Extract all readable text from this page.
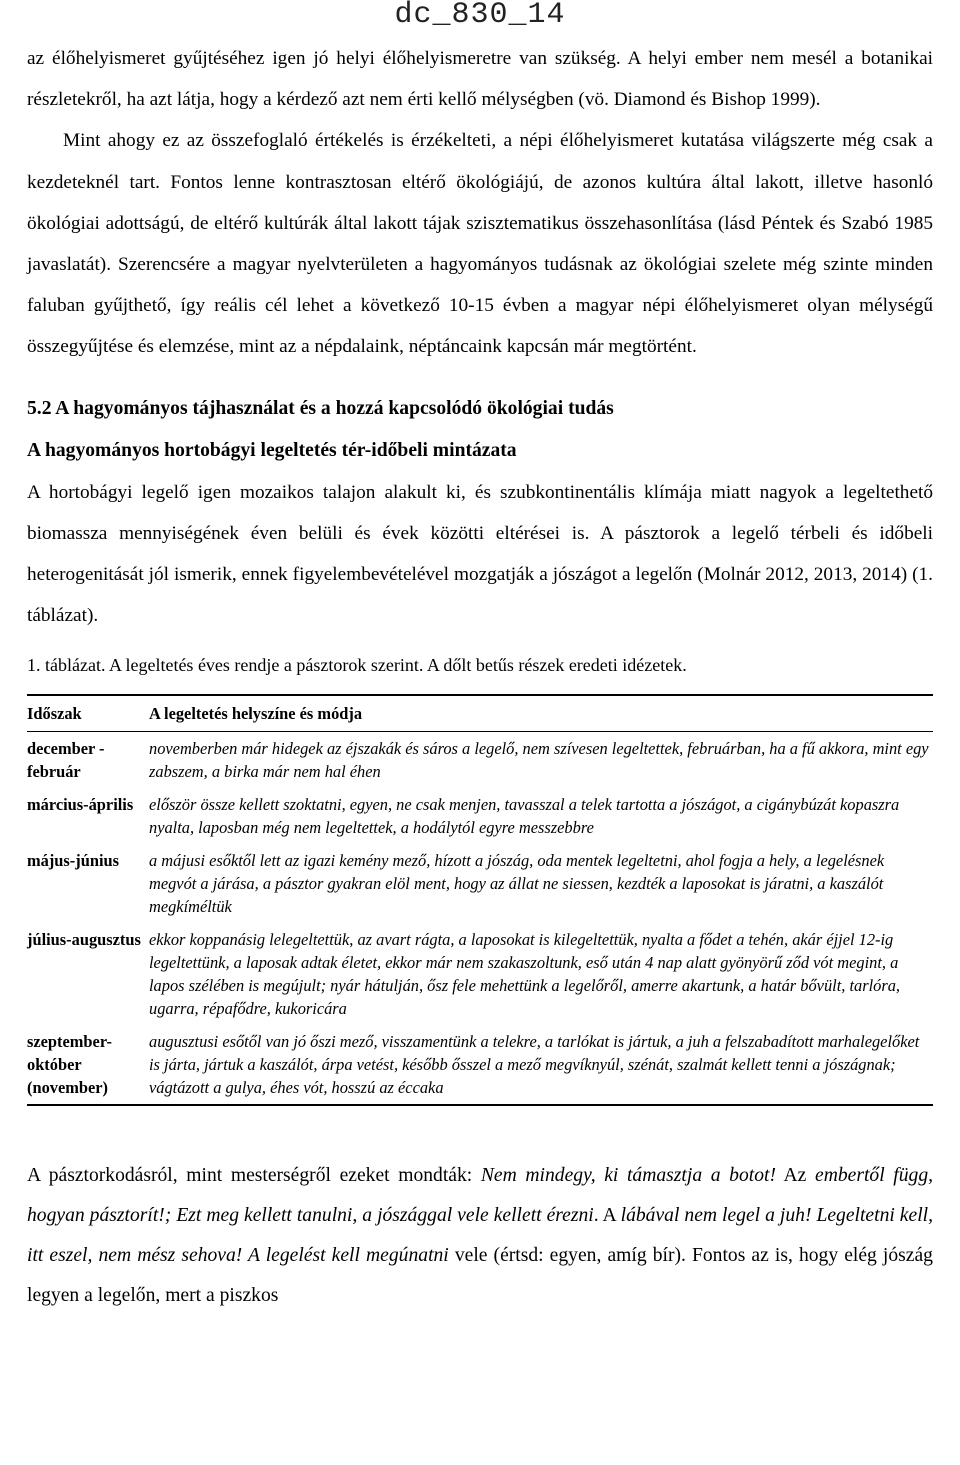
dc_830_14

az élőhelyismeret gyűjtéséhez igen jó helyi élőhelyismeretre van szükség. A helyi ember nem mesél a botanikai részletekről, ha azt látja, hogy a kérdező azt nem érti kellő mélységben (vö. Diamond és Bishop 1999).

Mint ahogy ez az összefoglaló értékelés is érzékelteti, a népi élőhelyismeret kutatása világszerte még csak a kezdeteknél tart. Fontos lenne kontrasztosan eltérő ökológiájú, de azonos kultúra által lakott, illetve hasonló ökológiai adottságú, de eltérő kultúrák által lakott tájak szisztematikus összehasonlítása (lásd Péntek és Szabó 1985 javaslatát). Szerencsére a magyar nyelvterületen a hagyományos tudásnak az ökológiai szelete még szinte minden faluban gyűjthető, így reális cél lehet a következő 10-15 évben a magyar népi élőhelyismeret olyan mélységű összegyűjtése és elemzése, mint az a népdalaink, néptáncaink kapcsán már megtörtént.

5.2 A hagyományos tájhasználat és a hozzá kapcsolódó ökológiai tudás
A hagyományos hortobágyi legeltetés tér-időbeli mintázata

A hortobágyi legelő igen mozaikos talajon alakult ki, és szubkontinentális klímája miatt nagyok a legeltethető biomassza mennyiségének éven belüli és évek közötti eltérései is. A pásztorok a legelő térbeli és időbeli heterogenitását jól ismerik, ennek figyelembevételével mozgatják a jószágot a legelőn (Molnár 2012, 2013, 2014) (1. táblázat).

1. táblázat. A legeltetés éves rendje a pásztorok szerint. A dőlt betűs részek eredeti idézetek.

Időszak	A legeltetés helyszíne és módja
december - február	novemberben már hidegek az éjszakák és sáros a legelő, nem szívesen legeltettek, februárban, ha a fű akkora, mint egy zabszem, a birka már nem hal éhen
március-április	először össze kellett szoktatni, egyen, ne csak menjen, tavasszal a telek tartotta a jószágot, a cigánybúzát kopaszra nyalta, laposban még nem legeltettek, a hodálytól egyre messzebbre
május-június	a májusi esőktől lett az igazi kemény mező, hízott a jószág, oda mentek legeltetni, ahol fogja a hely, a legelésnek megvót a járása, a pásztor gyakran elöl ment, hogy az állat ne siessen, kezdték a laposokat is járatni, a kaszálót megkíméltük
július-augusztus	ekkor koppanásig lelegeltettük, az avart rágta, a laposokat is kilegeltettük, nyalta a fődet a tehén, akár éjjel 12-ig legeltettünk, a laposak adtak életet, ekkor már nem szakaszoltunk, eső után 4 nap alatt gyönyörű ződ vót megint, a lapos szélében is megújult; nyár hátulján, ősz fele mehettünk a legelőről, amerre akartunk, a határ bővült, tarlóra, ugarra, répafődre, kukoricára
szeptember-október (november)	augusztusi esőtől van jó őszi mező, visszamentünk a telekre, a tarlókat is jártuk, a juh a felszabadított marhalegelőket is járta, jártuk a kaszálót, árpa vetést, később ősszel a mező megvíknyúl, szénát, szalmát kellett tenni a jószágnak; vágtázott a gulya, éhes vót, hosszú az éccaka

A pásztorkodásról, mint mesterségről ezeket mondták: Nem mindegy, ki támasztja a botot! Az embertől függ, hogyan pásztorít!; Ezt meg kellett tanulni, a jószággal vele kellett érezni. A lábával nem legel a juh! Legeltetni kell, itt eszel, nem mész sehova! A legelést kell megúnatni vele (értsd: egyen, amíg bír). Fontos az is, hogy elég jószág legyen a legelőn, mert a piszkos
